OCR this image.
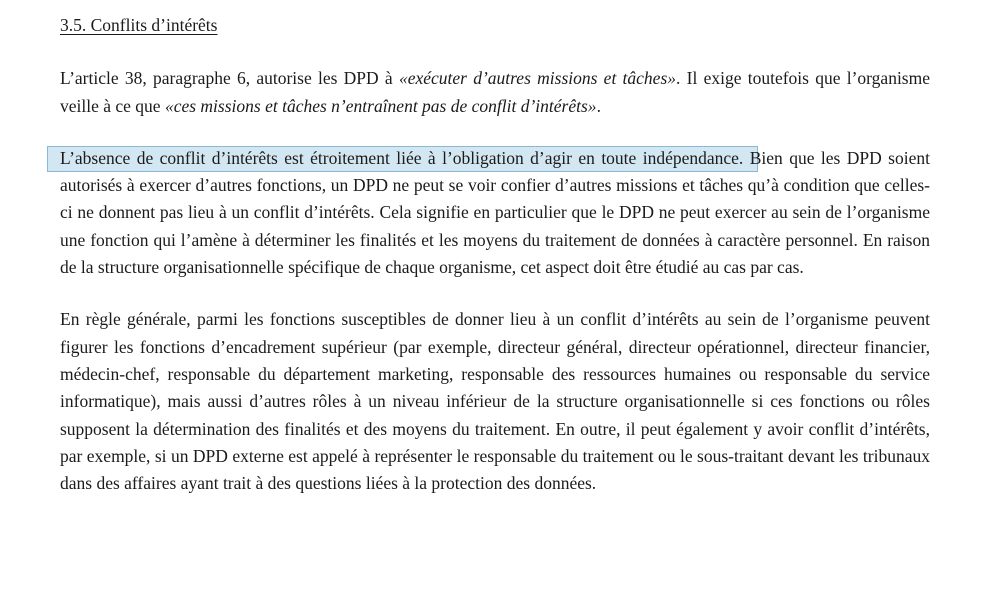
3.5. Conflits d’intérêts

L’article 38, paragraphe 6, autorise les DPD à «exécuter d’autres missions et tâches». Il exige toutefois que l’organisme veille à ce que «ces missions et tâches n’entraînent pas de conflit d’intérêts».

L’absence de conflit d’intérêts est étroitement liée à l’obligation d’agir en toute indépendance. Bien que les DPD soient autorisés à exercer d’autres fonctions, un DPD ne peut se voir confier d’autres missions et tâches qu’à condition que celles-ci ne donnent pas lieu à un conflit d’intérêts. Cela signifie en particulier que le DPD ne peut exercer au sein de l’organisme une fonction qui l’amène à déterminer les finalités et les moyens du traitement de données à caractère personnel. En raison de la structure organisationnelle spécifique de chaque organisme, cet aspect doit être étudié au cas par cas.

En règle générale, parmi les fonctions susceptibles de donner lieu à un conflit d’intérêts au sein de l’organisme peuvent figurer les fonctions d’encadrement supérieur (par exemple, directeur général, directeur opérationnel, directeur financier, médecin-chef, responsable du département marketing, responsable des ressources humaines ou responsable du service informatique), mais aussi d’autres rôles à un niveau inférieur de la structure organisationnelle si ces fonctions ou rôles supposent la détermination des finalités et des moyens du traitement. En outre, il peut également y avoir conflit d’intérêts, par exemple, si un DPD externe est appelé à représenter le responsable du traitement ou le sous-traitant devant les tribunaux dans des affaires ayant trait à des questions liées à la protection des données.
